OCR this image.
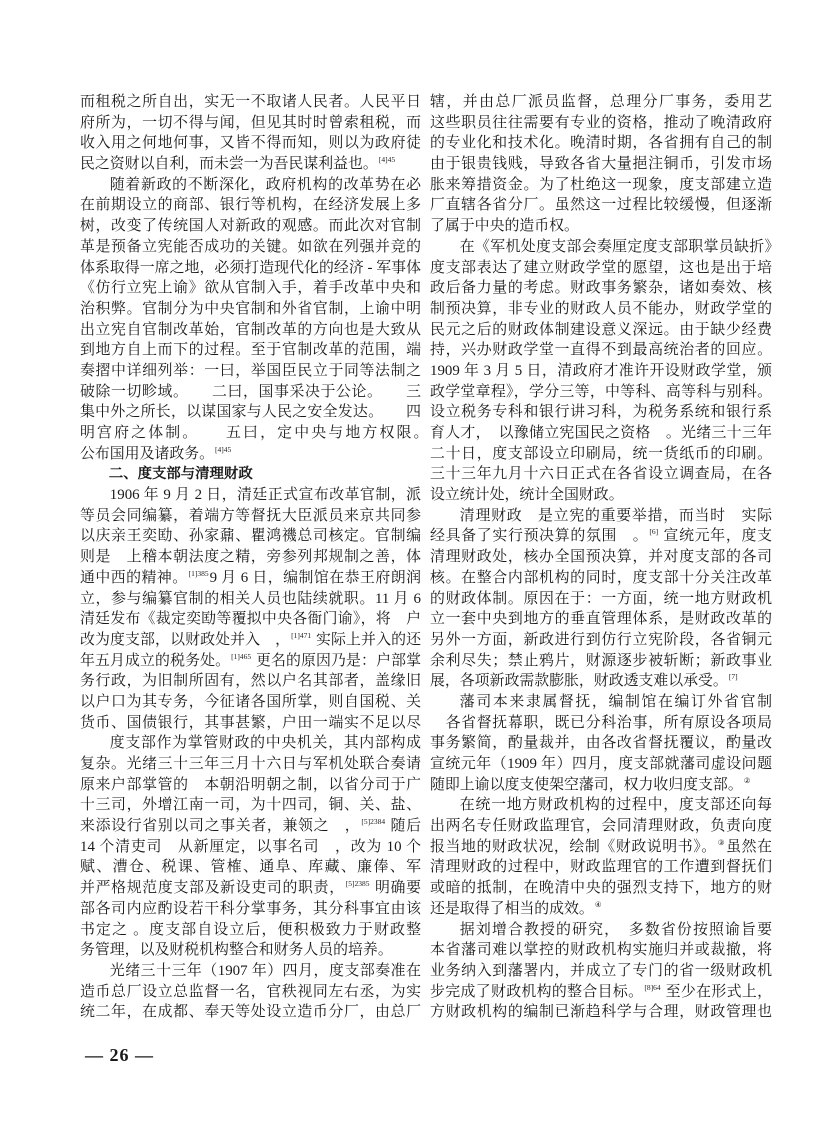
而租税之所自出，实无一不取诸人民者。人民平日
府所为，一切不得与闻，但见其时时曾索租税，而
收入用之何地何事，又皆不得而知，则以为政府徒
民之资财以自利，而未尝一为吾民谋利益也。$^{[4]45}$
随着新政的不断深化，政府机构的改革势在必
在前期设立的商部、银行等机构，在经济发展上多
树，改变了传统国人对新政的观感。而此次对官制
革是预备立宪能否成功的关键。如欲在列强并竞的
体系取得一席之地，必须打造现代化的经济 - 军事体
《仿行立宪上谕》欲从官制入手，着手改革中央和
治积弊。官制分为中央官制和外省官制，上谕中明
出立宪自官制改革始，官制改革的方向也是大致从
到地方自上而下的过程。至于官制改革的范围，端
奏摺中详细列举：一曰，举国臣民立于同等法制之
破除一切畛域。　　二曰，国事采决于公论。　　三
集中外之所长，以谋国家与人民之安全发达。　　四
明宫府之体制。　　五曰，定中央与地方权限。　　
公布国用及诸政务。$^{[4]45}$
二、度支部与清理财政
1906 年 9 月 2 日，清廷正式宣布改革官制，派
等员会同编纂，着端方等督抚大臣派员来京共同参
以庆亲王奕劻、孙家鼐、瞿鸿禨总司核定。官制编
则是　上稽本朝法度之精，旁参列邦规制之善，体
通中西的精神。$^{[1]385}$9 月 6 日，编制馆在恭王府朗润
立，参与编纂官制的相关人员也陆续就职。11 月 6
清廷发布《裁定奕劻等覆拟中央各衙门谕》，将　户
改为度支部，以财政处并入　，$^{[1]471}$ 实际上并入的还
年五月成立的税务处。$^{[1]465}$ 更名的原因乃是：户部掌
务行政，为旧制所固有，然以户名其部者，盖缘旧
以户口为其专务，今征诸各国所掌，则自国税、关
货币、国债银行，其事甚繁，户田一端实不足以尽
度支部作为掌管财政的中央机关，其内部构成
复杂。光绪三十三年三月十六日与军机处联合奏请
原来户部掌管的　本朝沿明朝之制，以省分司于广
十三司，外增江南一司，为十四司，铜、关、盐、
来添设行省别以司之事关者，兼领之　，$^{[5]2384}$ 随后
14 个清吏司　从新厘定，以事名司　，改为 10 个
赋、漕仓、税课、管榷、通阜、库藏、廉俸、军
并严格规范度支部及新设吏司的职责，$^{[5]2385}$ 明确要
部各司内应酌设若干科分掌事务，其分科事宜由该
书定之 。度支部自设立后，便积极致力于财政整
务管理，以及财税机构整合和财务人员的培养。
光绪三十三年（1907 年）四月，度支部奏准在
造币总厂设立总监督一名，官秩视同左右丞，为实
统二年，在成都、奉天等处设立造币分厂，由总厂
辖，并由总厂派员监督，总理分厂事务，委用艺
这些职员往往需要有专业的资格，推动了晚清政府
的专业化和技术化。晚清时期，各省拥有自己的制
由于银贵钱贱，导致各省大量挹注铜币，引发市场
胀来筹措资金。为了杜绝这一现象，度支部建立造
厂直辖各省分厂。虽然这一过程比较缓慢，但逐渐
了属于中央的造币权。
在《军机处度支部会奏厘定度支部职掌员缺折》
度支部表达了建立财政学堂的愿望，这也是出于培
政后备力量的考虑。财政事务繁杂，诸如奏效、核
制预决算，非专业的财政人员不能办，财政学堂的
民元之后的财政体制建设意义深远。由于缺少经费
持，兴办财政学堂一直得不到最高统治者的回应。
1909 年 3 月 5 日，清政府才准许开设财政学堂，颁
政学堂章程》，学分三等，中等科、高等科与别科。
设立税务专科和银行讲习科，为税务系统和银行系
育人才，　以豫储立宪国民之资格　。光绪三十三年
二十日，度支部设立印刷局，统一货纸币的印刷。
三十三年九月十六日正式在各省设立调查局，在各
设立统计处，统计全国财政。
清理财政　是立宪的重要举措，而当时　实际
经具备了实行预决算的氛围　。[6] 宣统元年，度支
清理财政处，核办全国预决算，并对度支部的各司
核。在整合内部机构的同时，度支部十分关注改革
的财政体制。原因在于：一方面，统一地方财政机
立一套中央到地方的垂直管理体系，是财政改革的
另外一方面，新政进行到仿行立宪阶段，各省铜元
余利尽失；禁止鸦片，财源逐步被斩断；新政事业
展，各项新政需款膨胀，财政透支难以承受。[7]
藩司本来隶属督抚，编制馆在编订外省官制
　各省督抚幕职，既已分科治事，所有原设各项局
事务繁简，酌量裁并，由各改省督抚覆议，酌量改　
宣统元年（1909 年）四月，度支部就藩司虚设问题
随即上谕以度支使架空藩司，权力收归度支部。②
在统一地方财政机构的过程中，度支部还向每
出两名专任财政监理官，会同清理财政，负责向度
报当地的财政状况，绘制《财政说明书》。③虽然在
清理财政的过程中，财政监理官的工作遭到督抚们
或暗的抵制，在晚清中央的强烈支持下，地方的财
还是取得了相当的成效。④
据刘增合教授的研究，　多数省份按照谕旨要
本省藩司难以掌控的财政机构实施归并或裁撤，将
业务纳入到藩署内，并成立了专门的省一级财政机
步完成了财政机构的整合目标。$^{[8]64}$ 至少在形式上，
方财政机构的编制已渐趋科学与合理，财政管理也
— 26 —
